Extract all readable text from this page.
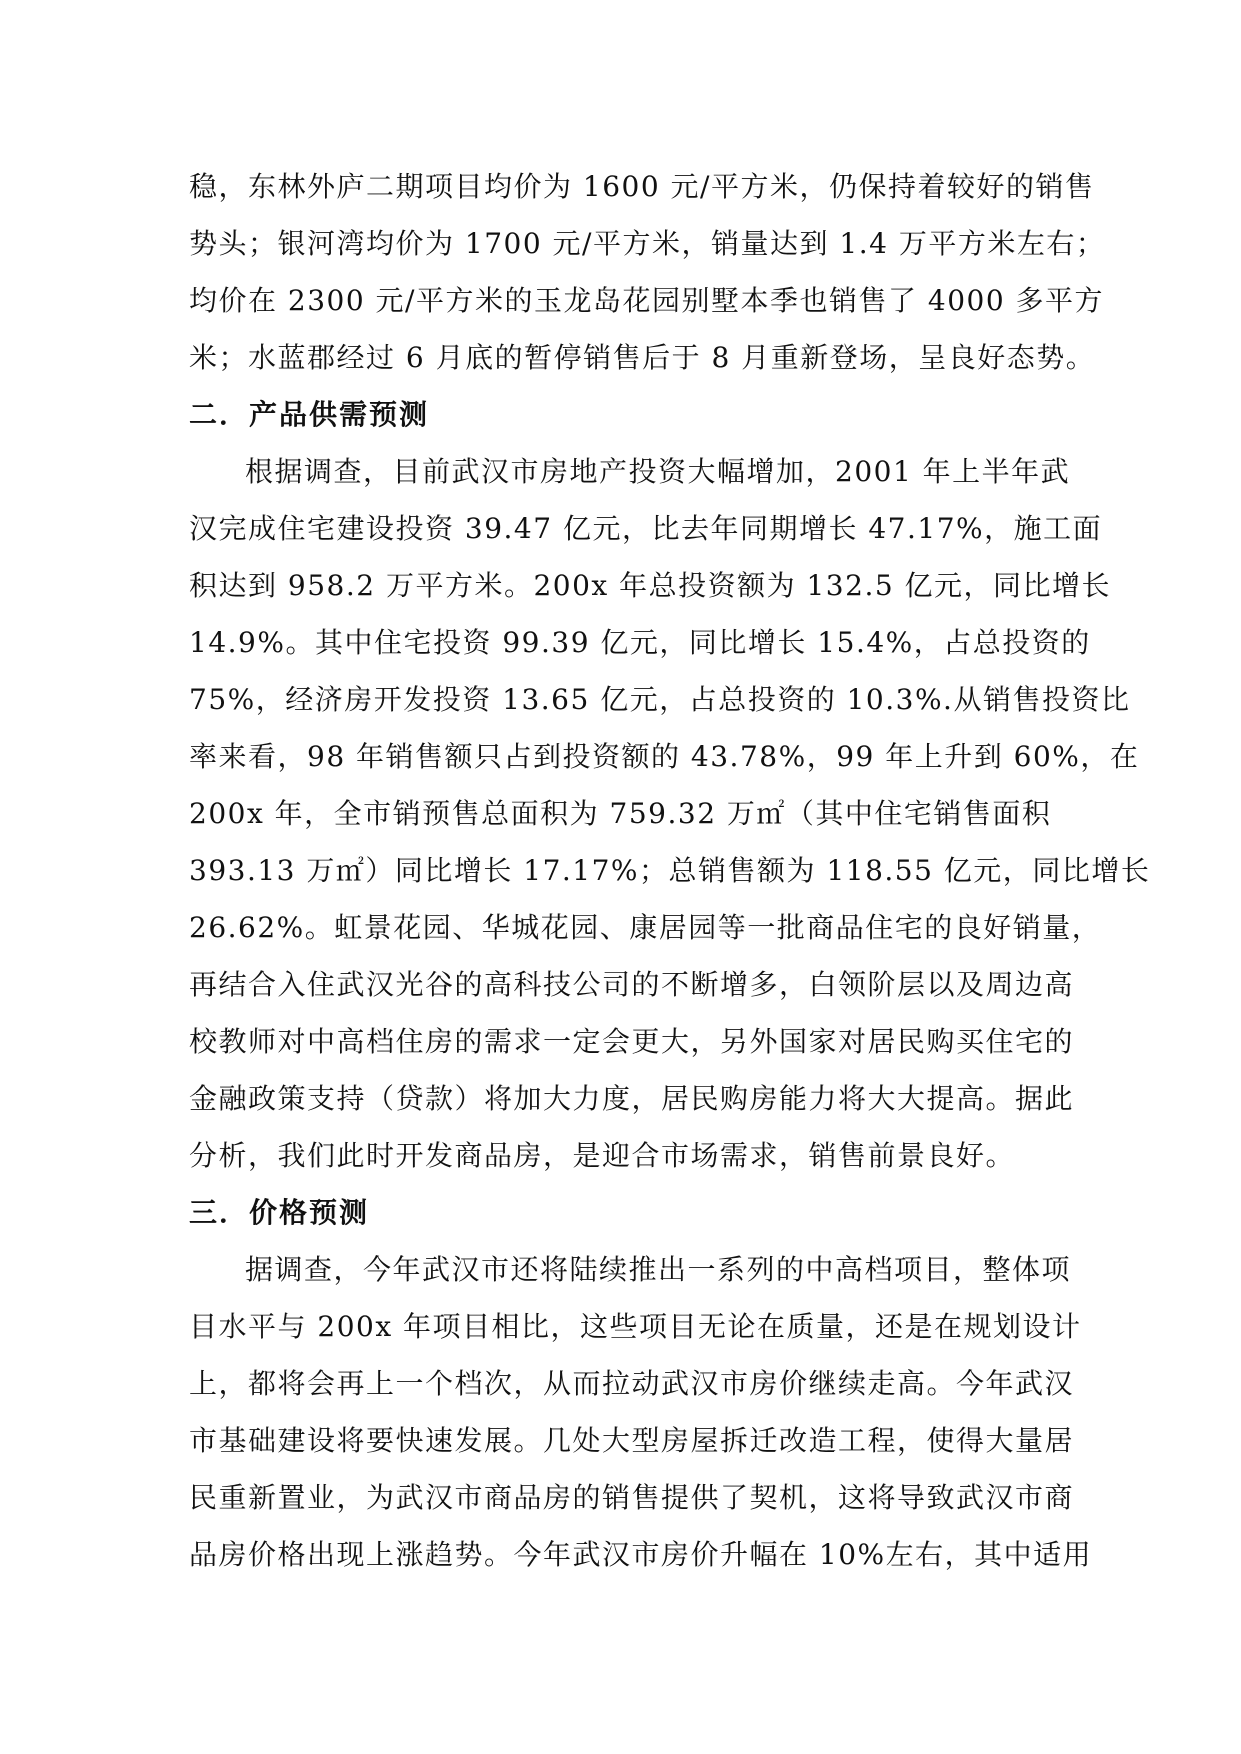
稳，东林外庐二期项目均价为 1600 元/平方米，仍保持着较好的销售
势头；银河湾均价为 1700 元/平方米，销量达到 1.4 万平方米左右；
均价在 2300 元/平方米的玉龙岛花园别墅本季也销售了 4000 多平方
米；水蓝郡经过 6 月底的暂停销售后于 8 月重新登场，呈良好态势。
二．产品供需预测
根据调查，目前武汉市房地产投资大幅增加，2001 年上半年武
汉完成住宅建设投资 39.47 亿元，比去年同期增长 47.17%，施工面
积达到 958.2 万平方米。200x 年总投资额为 132.5 亿元，同比增长
14.9%。其中住宅投资 99.39 亿元，同比增长 15.4%，占总投资的
75%，经济房开发投资 13.65 亿元，占总投资的 10.3%.从销售投资比
率来看，98 年销售额只占到投资额的 43.78%，99 年上升到 60%，在
200x 年，全市销预售总面积为 759.32 万㎡（其中住宅销售面积
393.13 万㎡）同比增长 17.17%；总销售额为 118.55 亿元，同比增长
26.62%。虹景花园、华城花园、康居园等一批商品住宅的良好销量，
再结合入住武汉光谷的高科技公司的不断增多，白领阶层以及周边高
校教师对中高档住房的需求一定会更大，另外国家对居民购买住宅的
金融政策支持（贷款）将加大力度，居民购房能力将大大提高。据此
分析，我们此时开发商品房，是迎合市场需求，销售前景良好。
三．价格预测
据调查，今年武汉市还将陆续推出一系列的中高档项目，整体项
目水平与 200x 年项目相比，这些项目无论在质量，还是在规划设计
上，都将会再上一个档次，从而拉动武汉市房价继续走高。今年武汉
市基础建设将要快速发展。几处大型房屋拆迁改造工程，使得大量居
民重新置业，为武汉市商品房的销售提供了契机，这将导致武汉市商
品房价格出现上涨趋势。今年武汉市房价升幅在 10%左右，其中适用
